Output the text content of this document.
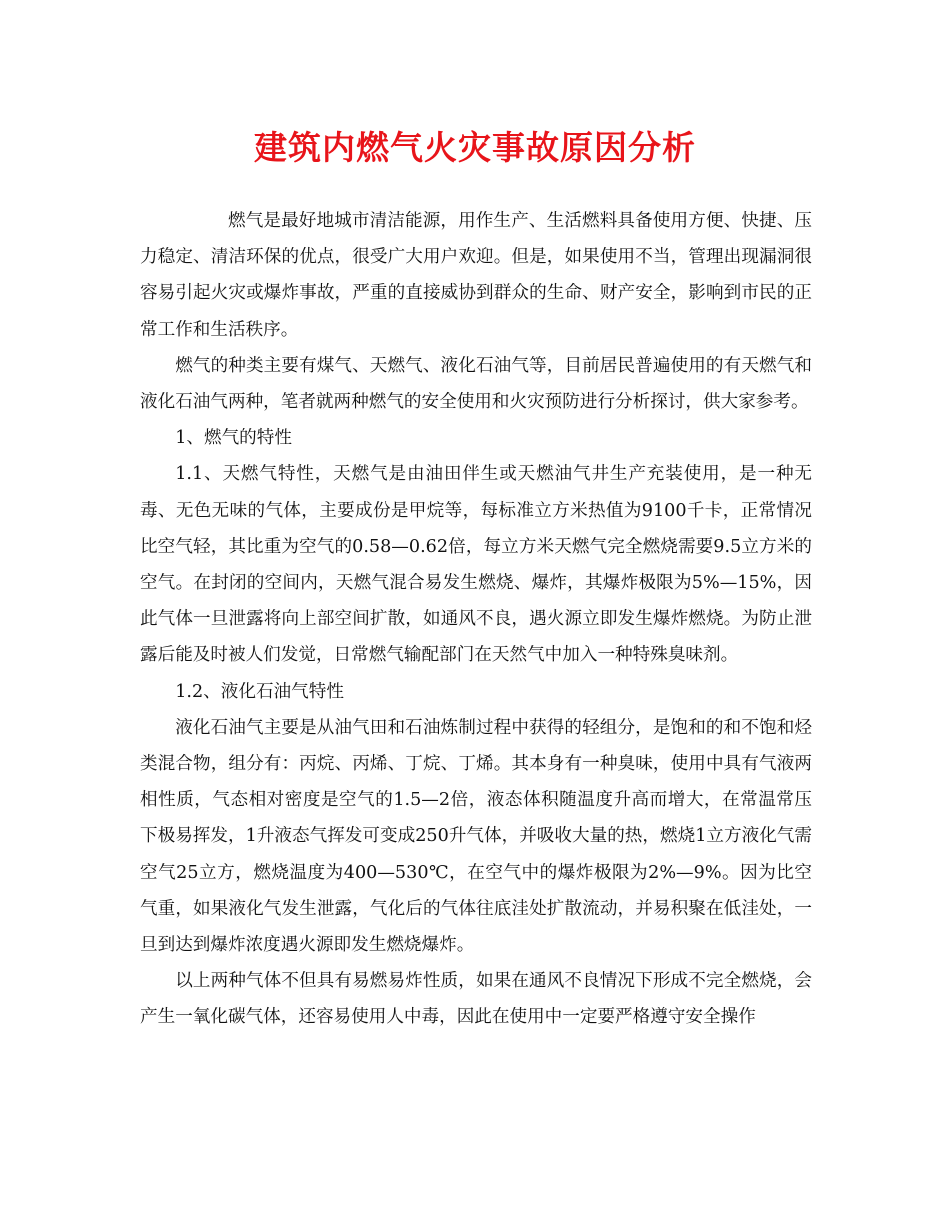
建筑内燃气火灾事故原因分析

燃气是最好地城市清洁能源，用作生产、生活燃料具备使用方便、快捷、压力稳定、清洁环保的优点，很受广大用户欢迎。但是，如果使用不当，管理出现漏洞很容易引起火灾或爆炸事故，严重的直接威协到群众的生命、财产安全，影响到市民的正常工作和生活秩序。

燃气的种类主要有煤气、天燃气、液化石油气等，目前居民普遍使用的有天燃气和液化石油气两种，笔者就两种燃气的安全使用和火灾预防进行分析探讨，供大家参考。

1、燃气的特性

1.1、天燃气特性，天燃气是由油田伴生或天燃油气井生产充装使用，是一种无毒、无色无味的气体，主要成份是甲烷等，每标准立方米热值为9100千卡，正常情况比空气轻，其比重为空气的0.58—0.62倍，每立方米天燃气完全燃烧需要9.5立方米的空气。在封闭的空间内，天燃气混合易发生燃烧、爆炸，其爆炸极限为5%—15%，因此气体一旦泄露将向上部空间扩散，如通风不良，遇火源立即发生爆炸燃烧。为防止泄露后能及时被人们发觉，日常燃气输配部门在天然气中加入一种特殊臭味剂。

1.2、液化石油气特性

液化石油气主要是从油气田和石油炼制过程中获得的轻组分，是饱和的和不饱和烃类混合物，组分有：丙烷、丙烯、丁烷、丁烯。其本身有一种臭味，使用中具有气液两相性质，气态相对密度是空气的1.5—2倍，液态体积随温度升高而增大，在常温常压下极易挥发，1升液态气挥发可变成250升气体，并吸收大量的热，燃烧1立方液化气需空气25立方，燃烧温度为400—530℃，在空气中的爆炸极限为2%—9%。因为比空气重，如果液化气发生泄露，气化后的气体往底洼处扩散流动，并易积聚在低洼处，一旦到达到爆炸浓度遇火源即发生燃烧爆炸。

以上两种气体不但具有易燃易炸性质，如果在通风不良情况下形成不完全燃烧，会产生一氧化碳气体，还容易使用人中毒，因此在使用中一定要严格遵守安全操作
